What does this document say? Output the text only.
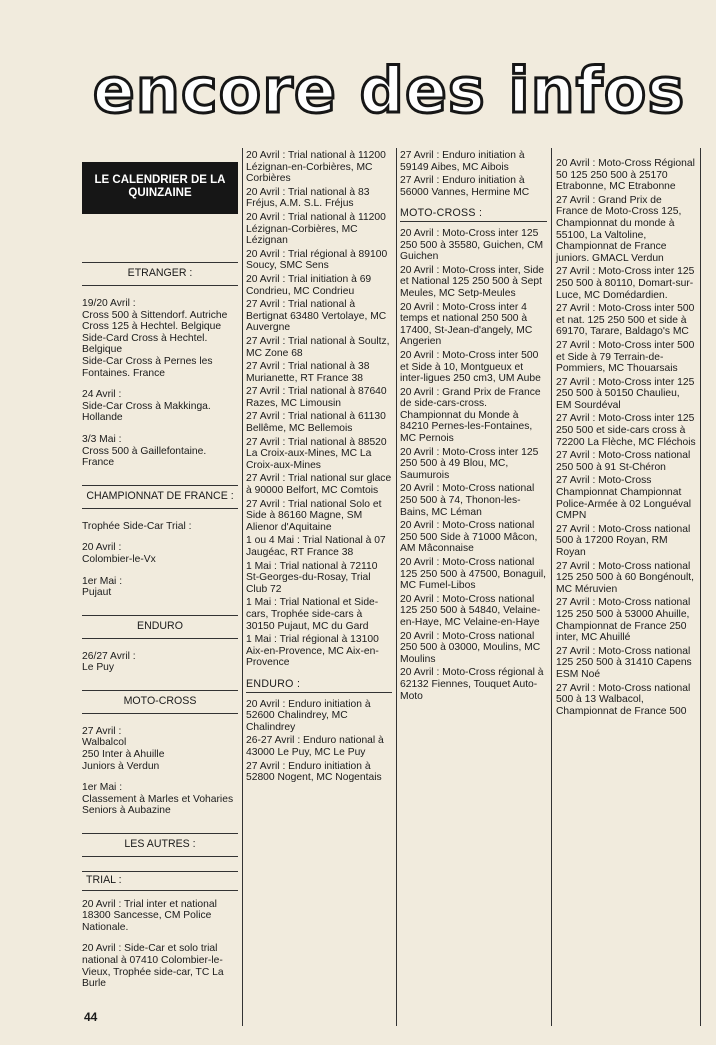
encore des infos
LE CALENDRIER DE LA QUINZAINE
ETRANGER :
19/20 Avril :
Cross 500 à Sittendorf. Autriche
Cross 125 à Hechtel. Belgique
Side-Card Cross à Hechtel. Belgique
Side-Car Cross à Pernes les Fontaines. France
24 Avril :
Side-Car Cross à Makkinga. Hollande
3/3 Mai :
Cross 500 à Gaillefontaine. France
CHAMPIONNAT DE FRANCE :
Trophée Side-Car Trial :
20 Avril :
Colombier-le-Vx
1er Mai :
Pujaut
ENDURO
26/27 Avril :
Le Puy
MOTO-CROSS
27 Avril :
Walbalcol
250 Inter à Ahuille
Juniors à Verdun
1er Mai :
Classement à Marles et Voharies
Seniors à Aubazine
LES AUTRES :
TRIAL :
20 Avril : Trial inter et national 18300 Sancesse, CM Police Nationale.
20 Avril : Side-Car et solo trial national à 07410 Colombier-le-Vieux, Trophée side-car, TC La Burle
20 Avril : Trial national à 11200 Lézignan-en-Corbières, MC Corbières
20 Avril : Trial national à 83 Fréjus, A.M. S.L. Fréjus
20 Avril : Trial national à 11200 Lézignan-Corbières, MC Lézignan
20 Avril : Trial régional à 89100 Soucy, SMC Sens
20 Avril : Trial initiation à 69 Condrieu, MC Condrieu
27 Avril : Trial national à Bertignat 63480 Vertolaye, MC Auvergne
27 Avril : Trial national à Soultz, MC Zone 68
27 Avril : Trial national à 38 Murianette, RT France 38
27 Avril : Trial national à 87640 Razes, MC Limousin
27 Avril : Trial national à 61130 Bellême, MC Bellemois
27 Avril : Trial national à 88520 La Croix-aux-Mines, MC La Croix-aux-Mines
27 Avril : Trial national sur glace à 90000 Belfort, MC Comtois
27 Avril : Trial national Solo et Side à 86160 Magne, SM Alienor d'Aquitaine
1 ou 4 Mai : Trial National à 07 Jaugéac, RT France 38
1 Mai : Trial national à 72110 St-Georges-du-Rosay, Trial Club 72
1 Mai : Trial National et Side-cars, Trophée side-cars à 30150 Pujaut, MC du Gard
1 Mai : Trial régional à 13100 Aix-en-Provence, MC Aix-en-Provence
ENDURO :
20 Avril : Enduro initiation à 52600 Chalindrey, MC Chalindrey
26-27 Avril : Enduro national à 43000 Le Puy, MC Le Puy
27 Avril : Enduro initiation à 52800 Nogent, MC Nogentais
27 Avril : Enduro initiation à 59149 Aibes, MC Aibois
27 Avril : Enduro initiation à 56000 Vannes, Hermine MC
MOTO-CROSS :
20 Avril : Moto-Cross inter 125 250 500 à 35580, Guichen, CM Guichen
20 Avril : Moto-Cross inter, Side et National 125 250 500 à Sept Meules, MC Setp-Meules
20 Avril : Moto-Cross inter 4 temps et national 250 500 à 17400, St-Jean-d'angely, MC Angerien
20 Avril : Moto-Cross inter 500 et Side à 10, Montgueux et inter-ligues 250 cm3, UM Aube
20 Avril : Grand Prix de France de side-cars-cross. Championnat du Monde à 84210 Pernes-les-Fontaines, MC Pernois
20 Avril : Moto-Cross inter 125 250 500 à 49 Blou, MC, Saumurois
20 Avril : Moto-Cross national 250 500 à 74, Thonon-les-Bains, MC Léman
20 Avril : Moto-Cross national 250 500 Side à 71000 Mâcon, AM Mâconnaise
20 Avril : Moto-Cross national 125 250 500 à 47500, Bonaguil, MC Fumel-Libos
20 Avril : Moto-Cross national 125 250 500 à 54840, Velaine-en-Haye, MC Velaine-en-Haye
20 Avril : Moto-Cross national 250 500 à 03000, Moulins, MC Moulins
20 Avril : Moto-Cross régional à 62132 Fiennes, Touquet Auto-Moto
20 Avril : Moto-Cross Régional 50 125 250 500 à 25170 Etrabonne, MC Etrabonne
27 Avril : Grand Prix de France de Moto-Cross 125, Championnat du monde à 55100, La Valtoline, Championnat de France juniors. GMACL Verdun
27 Avril : Moto-Cross inter 125 250 500 à 80110, Domart-sur-Luce, MC Domédardien.
27 Avril : Moto-Cross inter 500 et nat. 125 250 500 et side à 69170, Tarare, Baldago's MC
27 Avril : Moto-Cross inter 500 et Side à 79 Terrain-de-Pommiers, MC Thouarsais
27 Avril : Moto-Cross inter 125 250 500 à 50150 Chaulieu, EM Sourdéval
27 Avril : Moto-Cross inter 125 250 500 et side-cars cross à 72200 La Flèche, MC Fléchois
27 Avril : Moto-Cross national 250 500 à 91 St-Chéron
27 Avril : Moto-Cross Championnat Championnat Police-Armée à 02 Longuéval CMPN
27 Avril : Moto-Cross national 500 à 17200 Royan, RM Royan
27 Avril : Moto-Cross national 125 250 500 à 60 Bongénoult, MC Méruvien
27 Avril : Moto-Cross national 125 250 500 à 53000 Ahuille, Championnat de France 250 inter, MC Ahuillé
27 Avril : Moto-Cross national 125 250 500 à 31410 Capens ESM Noé
27 Avril : Moto-Cross national 500 à 13 Walbacol, Championnat de France 500
44
